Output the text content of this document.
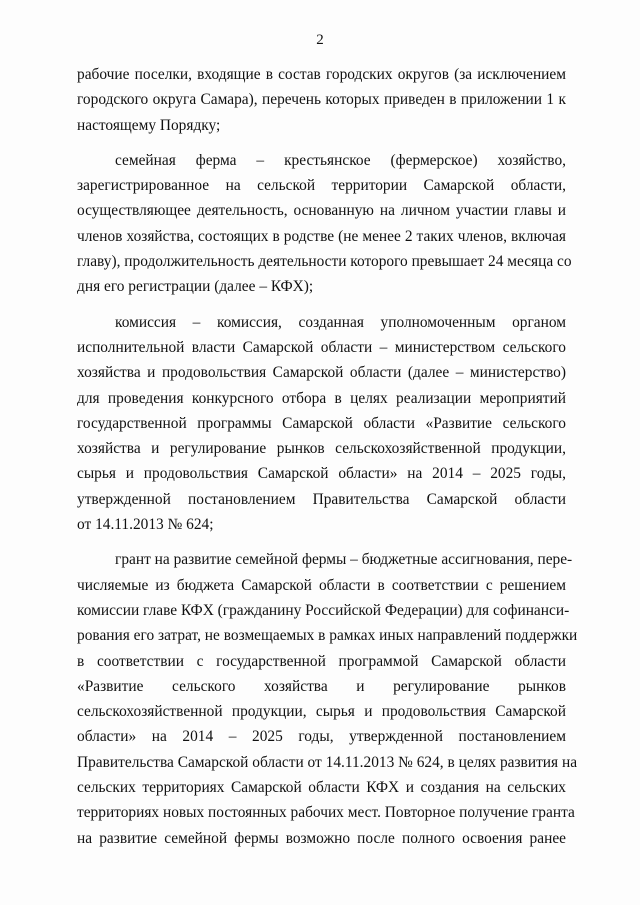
2
рабочие поселки, входящие в состав городских округов (за исключением
городского округа Самара), перечень которых приведен в приложении 1 к
настоящему Порядку;
семейная ферма – крестьянское (фермерское) хозяйство,
зарегистрированное на сельской территории Самарской области,
осуществляющее деятельность, основанную на личном участии главы и
членов хозяйства, состоящих в родстве (не менее 2 таких членов, включая
главу), продолжительность деятельности которого превышает 24 месяца со
дня его регистрации (далее – КФХ);
комиссия – комиссия, созданная уполномоченным органом
исполнительной власти Самарской области – министерством сельского
хозяйства и продовольствия Самарской области (далее – министерство)
для проведения конкурсного отбора в целях реализации мероприятий
государственной программы Самарской области «Развитие сельского
хозяйства и регулирование рынков сельскохозяйственной продукции,
сырья и продовольствия Самарской области» на 2014 – 2025 годы,
утвержденной постановлением Правительства Самарской области
от 14.11.2013 № 624;
грант на развитие семейной фермы – бюджетные ассигнования, пере-
числяемые из бюджета Самарской области в соответствии с решением
комиссии главе КФХ (гражданину Российской Федерации) для софинанси-
рования его затрат, не возмещаемых в рамках иных направлений поддержки
в соответствии с государственной программой Самарской области
«Развитие сельского хозяйства и регулирование рынков
сельскохозяйственной продукции, сырья и продовольствия Самарской
области» на 2014 – 2025 годы, утвержденной постановлением
Правительства Самарской области от 14.11.2013 № 624, в целях развития на
сельских территориях Самарской области КФХ и создания на сельских
территориях новых постоянных рабочих мест. Повторное получение гранта
на развитие семейной фермы возможно после полного освоения ранее
